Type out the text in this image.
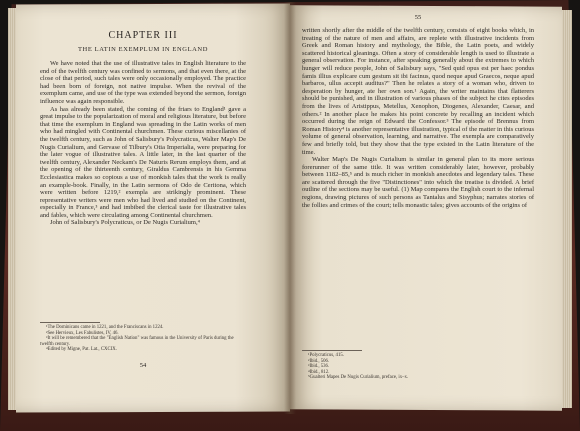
CHAPTER III
THE LATIN EXEMPLUM IN ENGLAND

We have noted that the use of illustrative tales in English literature to the end of the twelfth century was confined to sermons, and that even there, at the close of that period, such tales were only occasionally employed. The practice had been born of foreign, not native impulse. When the revival of the exemplum came, and use of the type was extended beyond the sermon, foreign influence was again responsible.

As has already been stated, the coming of the friars to England¹ gave a great impulse to the popularization of moral and religious literature, but before that time the exemplum in England was spreading in the Latin works of men who had mingled with Continental churchmen. These curious miscellanies of the twelfth century, such as John of Salisbury's Polycraticus, Walter Map's De Nugis Curialium, and Gervase of Tilbury's Otia Imperialia, were preparing for the later vogue of illustrative tales. A little later, in the last quarter of the twelfth century, Alexander Neckam's De Naturis Rerum employs them, and at the opening of the thirteenth century, Giraldus Cambrensis in his Gemma Ecclesiastica makes so copious a use of monkish tales that the work is really an example-book. Finally, in the Latin sermons of Odo de Ceritona, which were written before 1219,² exempla are strikingly prominent. These representative writers were men who had lived and studied on the Continent, especially in France,³ and had imbibed the clerical taste for illustrative tales and fables, which were circulating among Continental churchmen.

John of Salisbury's Polycraticus, or De Nugis Curialium,⁴

¹The Dominicans came in 1221, and the Franciscans in 1224.
²See Hervieux, Les Fabulistes, IV, 46.
³It will be remembered that the "English Nation" was famous in the University of Paris during the twelfth century.
⁴Edited by Migne, Pat. Lat., CXCIX.
54
55

written shortly after the middle of the twelfth century, consists of eight books which, in treating of the nature of men and affairs, are replete with illustrative incidents from Greek and Roman history and mythology, the Bible, the Latin poets, and widely scattered historical gleanings. Often a story of considerable length is used to illustrate a general observation. For instance, after speaking generally about the extremes to which hunger will reduce people, John of Salisbury says, "Sed quid opus est per haec pondus famis illius explicare cum gestum sit ibi facinus, quod neque apud Graecos, neque apud barbaros, ullus accepit auditus?" Then he relates a story of a woman who, driven to desperation by hunger, ate her own son.¹ Again, the writer maintains that flatterers should be punished, and in illustration of various phases of the subject he cites episodes from the lives of Aristippus, Metellus, Xenophon, Diogenes, Alexander, Caesar, and others.² In another place he makes his point concrete by recalling an incident which occurred during the reign of Edward the Confessor.³ The episode of Brennus from Roman History⁴ is another representative illustration, typical of the matter in this curious volume of general observation, learning, and narrative. The exempla are comparatively few and briefly told, but they show that the type existed in the Latin literature of the time.

Walter Map's De Nugis Curialium is similar in general plan to its more serious forerunner of the same title. It was written considerably later, however, probably between 1182–85,⁵ and is much richer in monkish anecdotes and legendary tales. These are scattered through the five "Distinctiones" into which the treatise is divided. A brief outline of the sections may be useful. (1) Map compares the English court to the infernal regions, drawing pictures of such persons as Tantalus and Sisyphus; narrates stories of the follies and crimes of the court; tells monastic tales; gives accounts of the origins of

¹Polycraticus, 415.
²Ibid., 506.
³Ibid., 536.
⁴Ibid., 812.
⁵Gualteri Mapes De Nugis Curialium, preface, ix–x.
